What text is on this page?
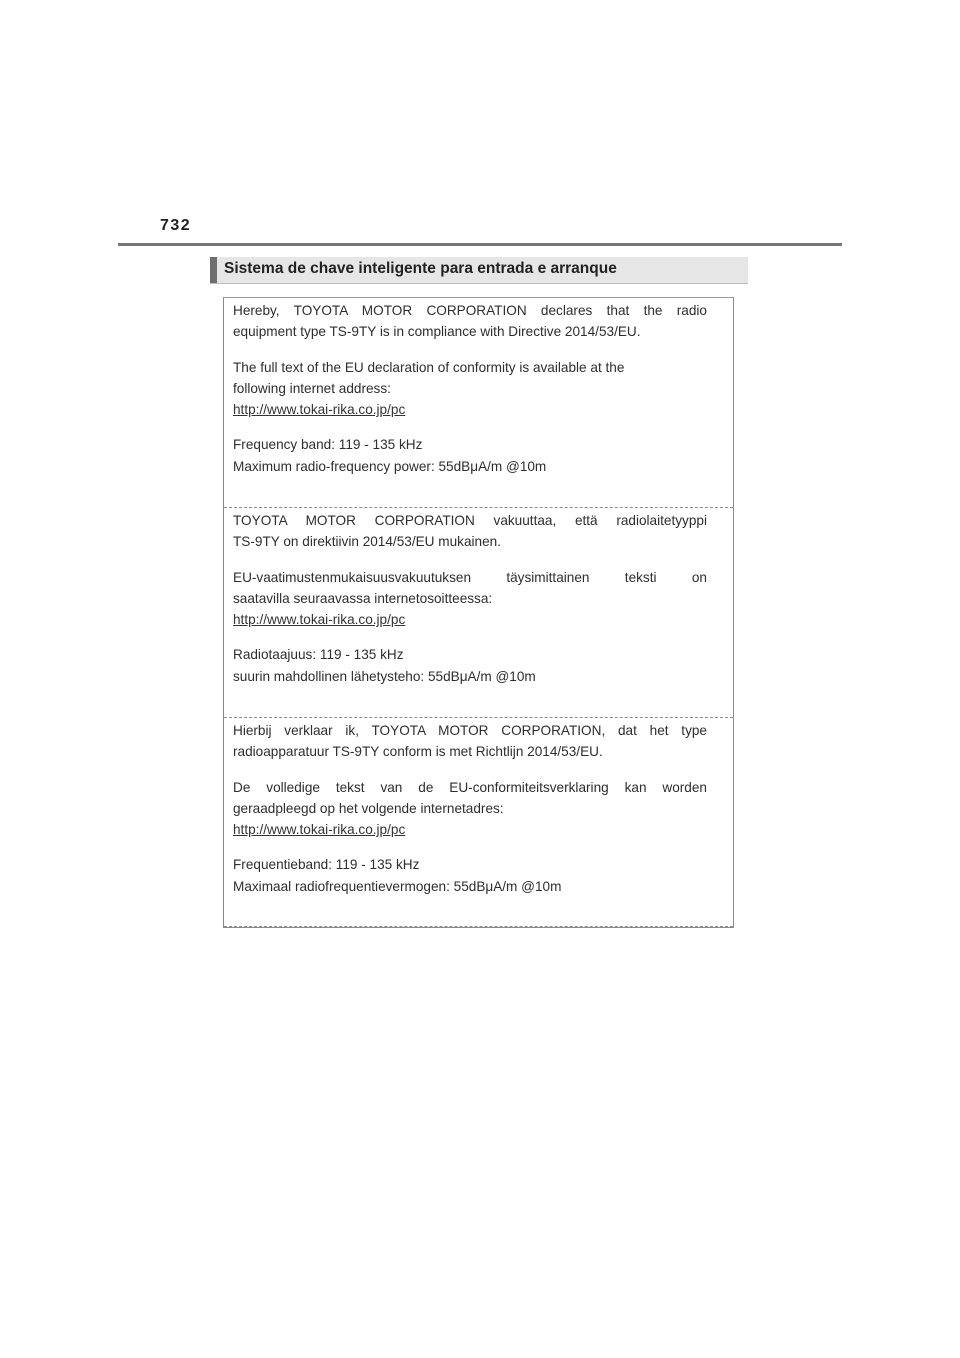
732
Sistema de chave inteligente para entrada e arranque

Hereby, TOYOTA MOTOR CORPORATION declares that the radio

equipment type TS-9TY is in compliance with Directive 2014/53/EU.

The full text of the EU declaration of conformity is available at the

following internet address:

http://www.tokai-rika.co.jp/pc

Frequency band: 119 - 135 kHz

Maximum radio-frequency power: 55dBμA/m @10m

TOYOTA MOTOR CORPORATION vakuuttaa, että radiolaitetyyppi

TS-9TY on direktiivin 2014/53/EU mukainen.

EU-vaatimustenmukaisuusvakuutuksen täysimittainen teksti on

saatavilla seuraavassa internetosoitteessa:

http://www.tokai-rika.co.jp/pc

Radiotaajuus: 119 - 135 kHz

suurin mahdollinen lähetysteho: 55dBμA/m @10m

Hierbij verklaar ik, TOYOTA MOTOR CORPORATION, dat het type

radioapparatuur TS-9TY conform is met Richtlijn 2014/53/EU.

De volledige tekst van de EU-conformiteitsverklaring kan worden

geraadpleegd op het volgende internetadres:

http://www.tokai-rika.co.jp/pc

Frequentieband: 119 - 135 kHz

Maximaal radiofrequentievermogen: 55dBμA/m @10m
